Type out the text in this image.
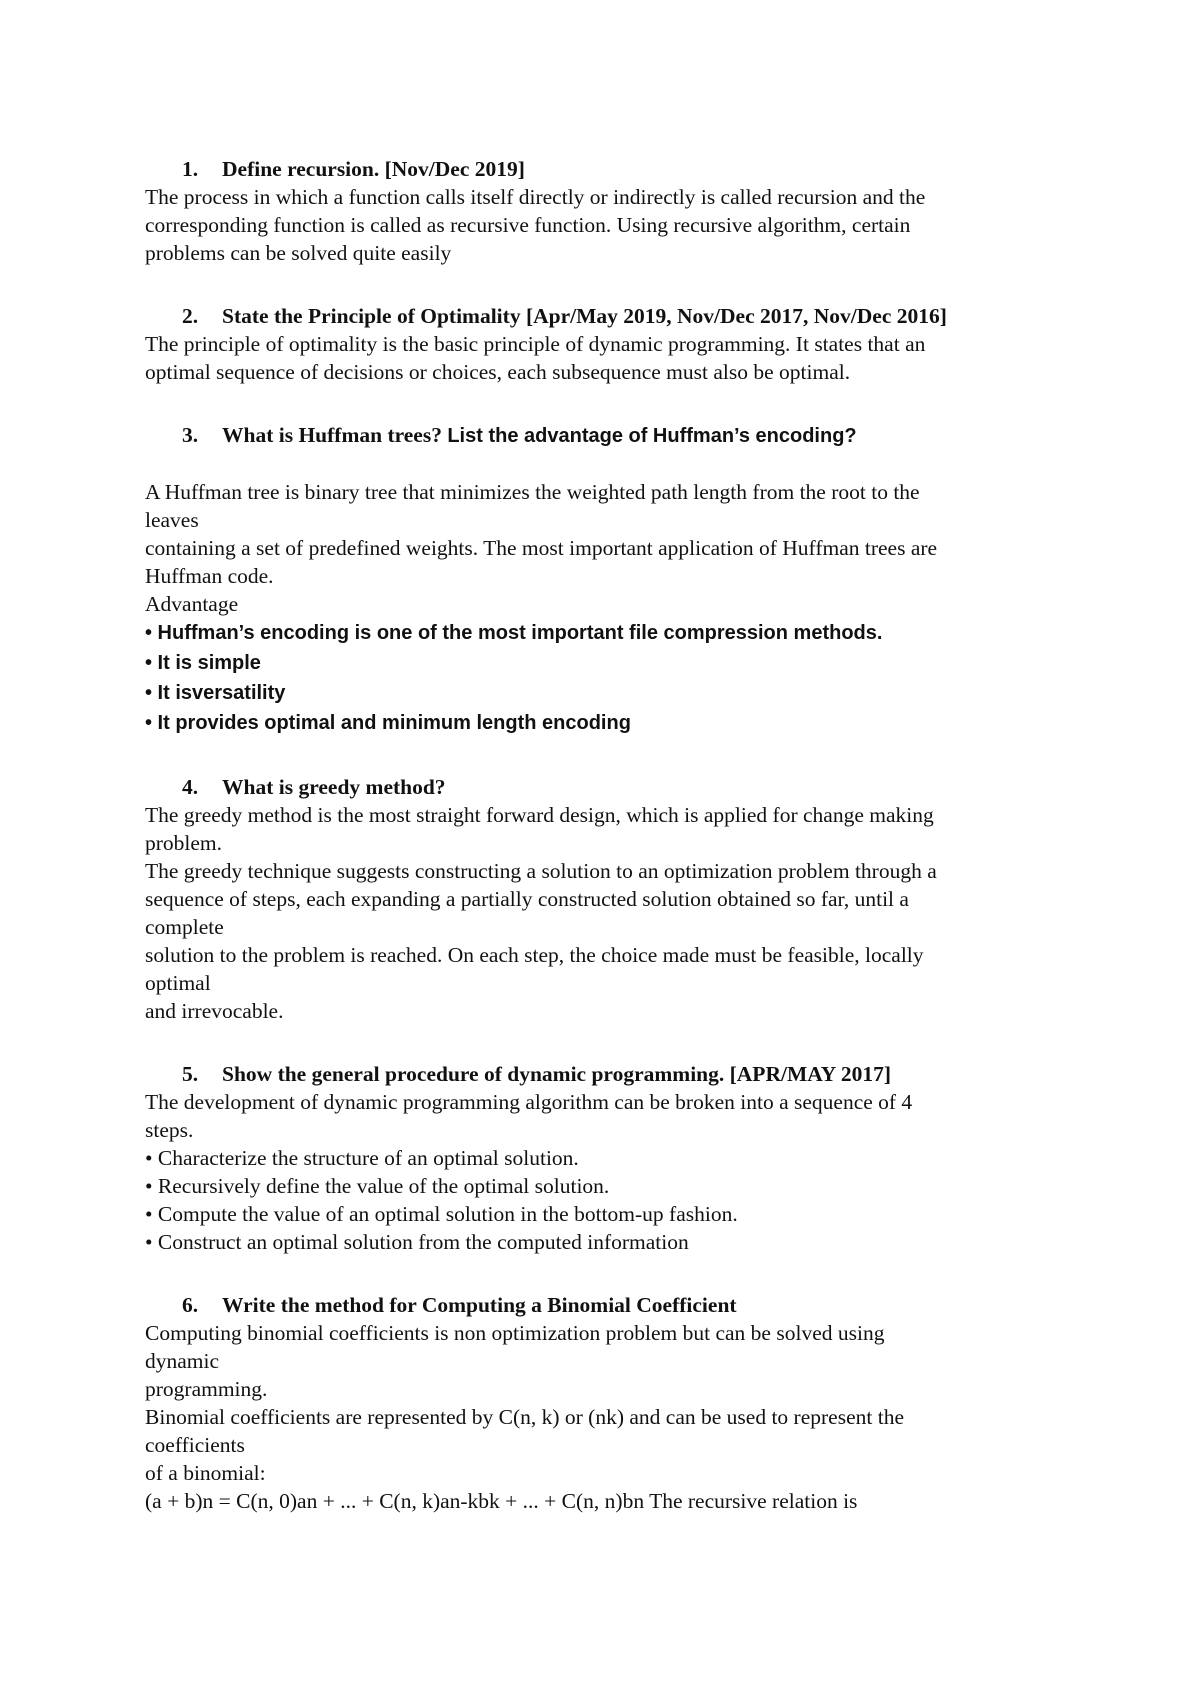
1. Define recursion. [Nov/Dec 2019]

The process in which a function calls itself directly or indirectly is called recursion and the

corresponding function is called as recursive function. Using recursive algorithm, certain

problems can be solved quite easily

2. State the Principle of Optimality [Apr/May 2019, Nov/Dec 2017, Nov/Dec 2016]

The principle of optimality is the basic principle of dynamic programming. It states that an

optimal sequence of decisions or choices, each subsequence must also be optimal.

3. What is Huffman trees? List the advantage of Huffman’s encoding?

A Huffman tree is binary tree that minimizes the weighted path length from the root to the

leaves

containing a set of predefined weights. The most important application of Huffman trees are

Huffman code.

Advantage

• Huffman’s encoding is one of the most important file compression methods.

• It is simple

• It isversatility

• It provides optimal and minimum length encoding

4. What is greedy method?

The greedy method is the most straight forward design, which is applied for change making

problem.

The greedy technique suggests constructing a solution to an optimization problem through a

sequence of steps, each expanding a partially constructed solution obtained so far, until a

complete

solution to the problem is reached. On each step, the choice made must be feasible, locally

optimal

and irrevocable.

5. Show the general procedure of dynamic programming. [APR/MAY 2017]

The development of dynamic programming algorithm can be broken into a sequence of 4

steps.

• Characterize the structure of an optimal solution.

• Recursively define the value of the optimal solution.

• Compute the value of an optimal solution in the bottom-up fashion.

• Construct an optimal solution from the computed information

6. Write the method for Computing a Binomial Coefficient

Computing binomial coefficients is non optimization problem but can be solved using

dynamic

programming.

Binomial coefficients are represented by C(n, k) or (nk) and can be used to represent the

coefficients

of a binomial:

(a + b)n = C(n, 0)an + ... + C(n, k)an-kbk + ... + C(n, n)bn The recursive relation is
